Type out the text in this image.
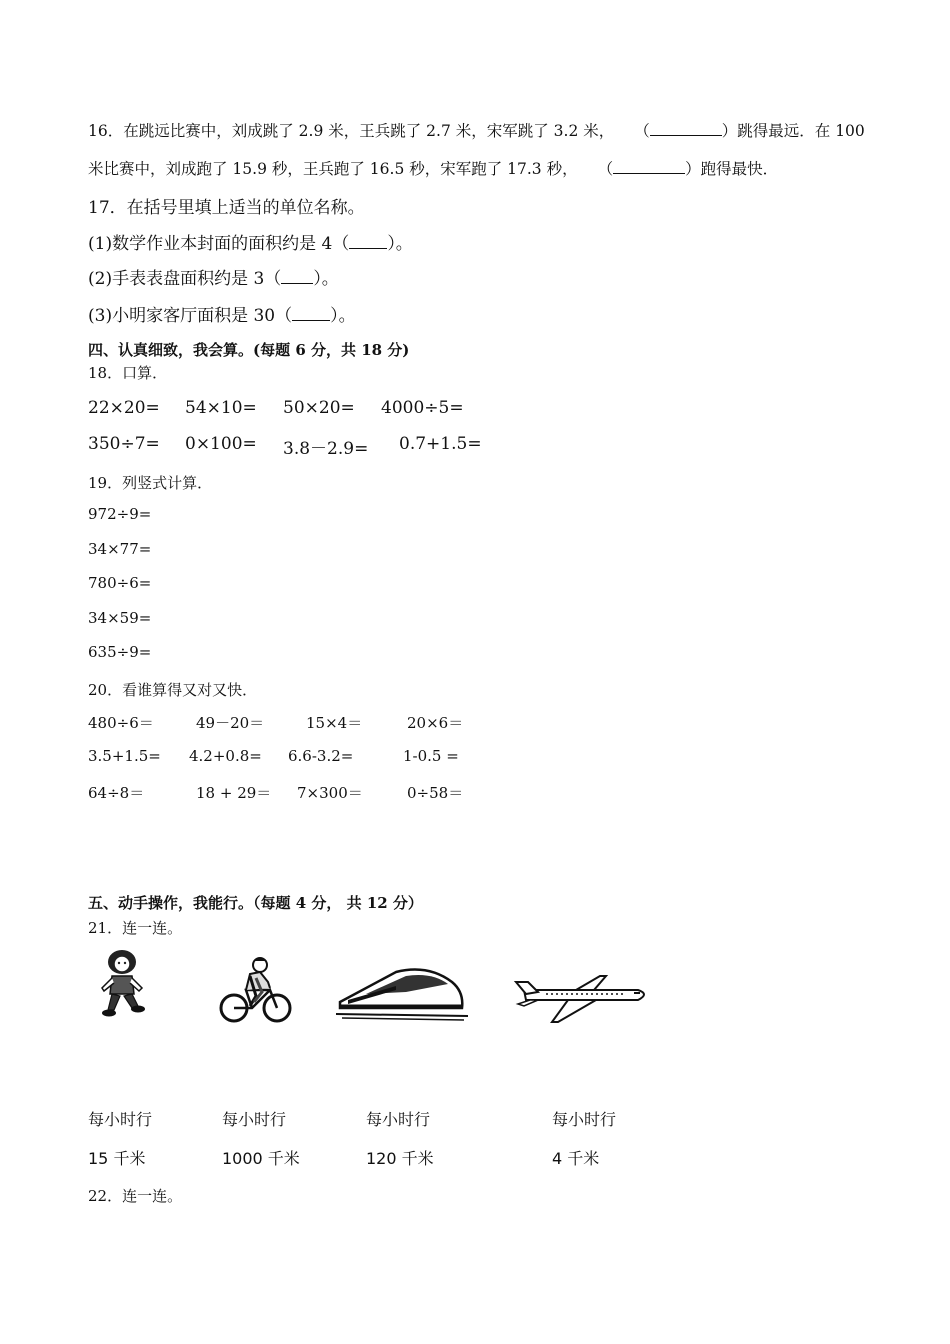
16．在跳远比赛中，刘成跳了 2.9 米，王兵跳了 2.7 米，宋军跳了 3.2 米， （	）跳得最远．在 100
米比赛中，刘成跑了 15.9 秒，王兵跑了 16.5 秒，宋军跑了 17.3 秒， （	）跑得最快．
17．在括号里填上适当的单位名称。
(1)数学作业本封面的面积约是 4（ ）。
(2)手表表盘面积约是 3（ ）。
(3)小明家客厅面积是 30（ ）。
四、认真细致，我会算。(每题 6 分，共 18 分)
18．口算．
22×20= 54×10= 50×20= 4000÷5=
350÷7= 0×100= 3.8－2.9= 0.7+1.5=
19．列竖式计算．
972÷9=
34×77=
780÷6=
34×59=
635÷9=
20．看谁算得又对又快．
480÷6＝	49－20＝	15×4＝	20×6＝
3.5+1.5= 4.2+0.8= 6.6-3.2=	1-0.5 =
64÷8＝	18 + 29＝ 7×300＝	0÷58＝
五、动手操作，我能行。（每题 4 分， 共 12 分）
21．连一连。
每小时行	每小时行	每小时行	每小时行
15 千米	1000 千米	120 千米	4 千米
22．连一连。
